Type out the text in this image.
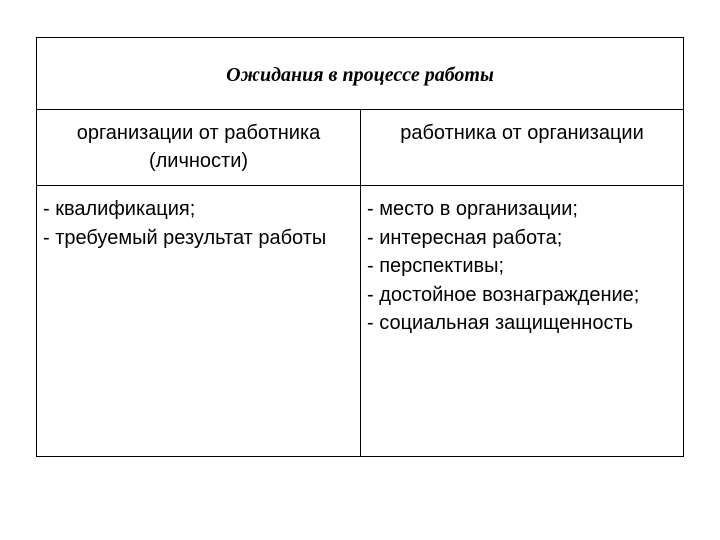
Ожидания в процессе работы
организации от работника (личности)
работника от организации
- квалификация;
- требуемый результат работы
- место в организации;
- интересная работа;
- перспективы;
- достойное вознаграждение;
- социальная защищенность
